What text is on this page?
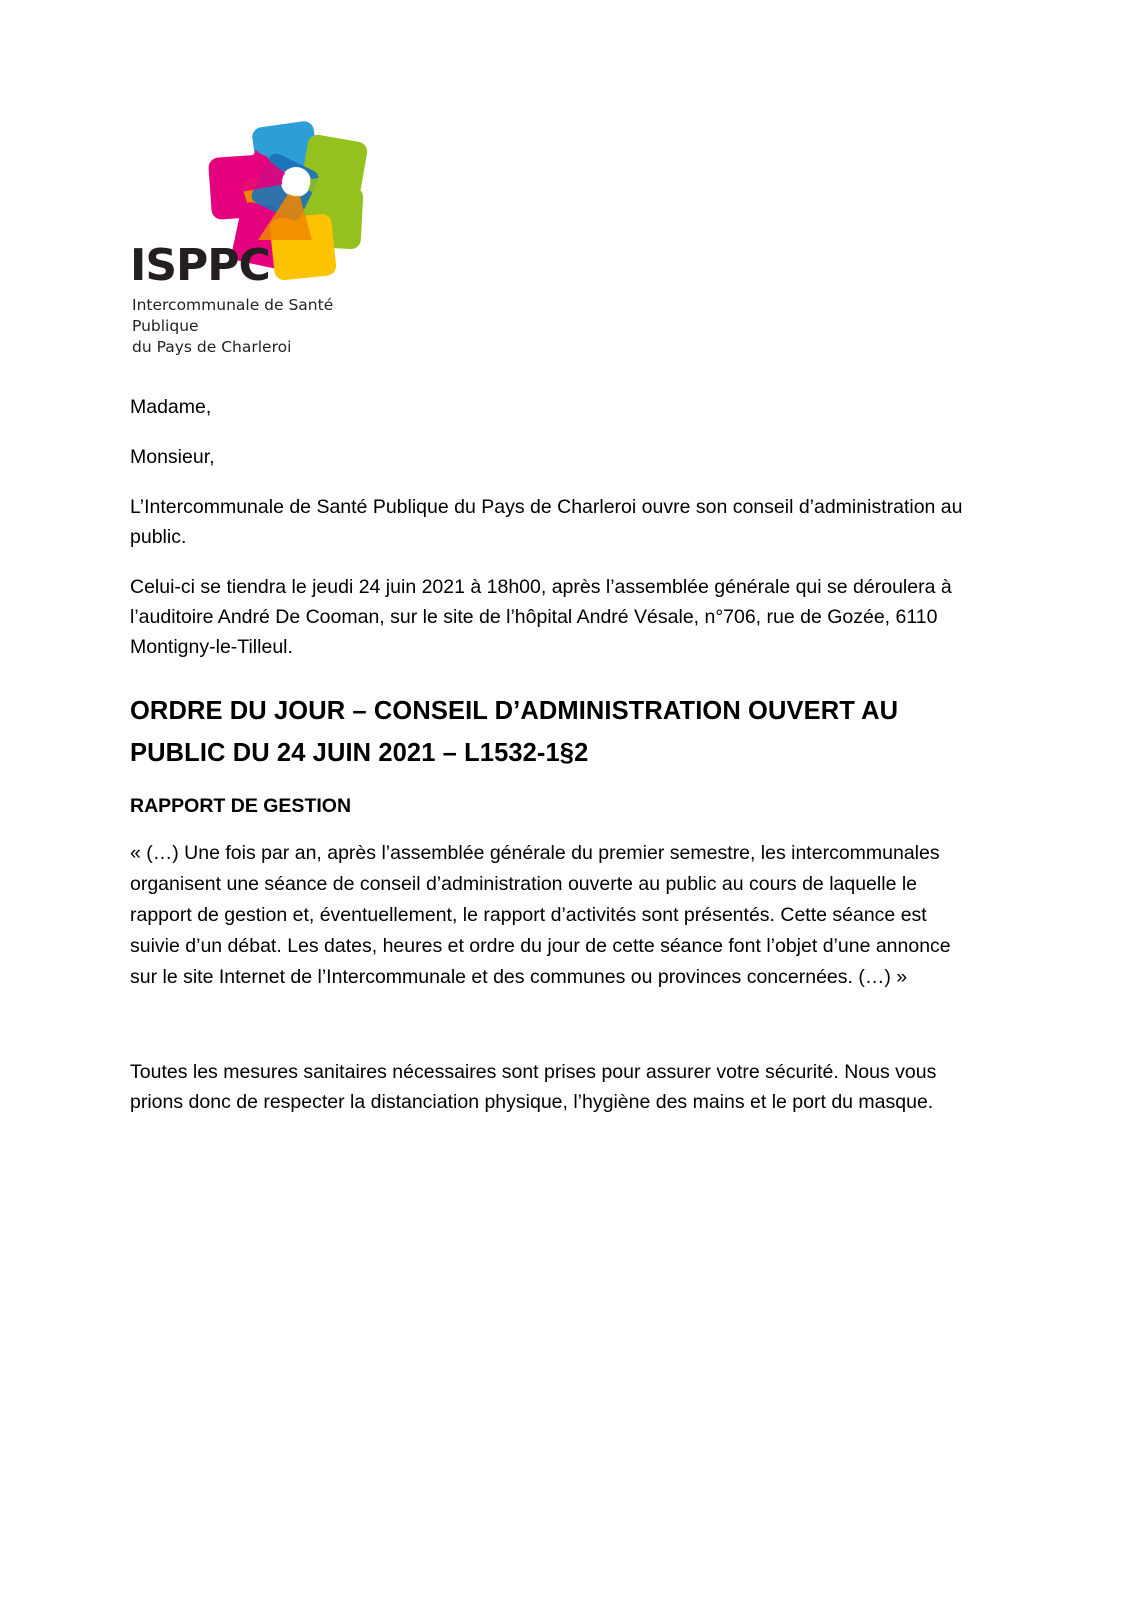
ISPPC
Intercommunale de Santé Publique
du Pays de Charleroi

Madame,

Monsieur,

L’Intercommunale de Santé Publique du Pays de Charleroi ouvre son conseil d’administration au public.

Celui-ci se tiendra le jeudi 24 juin 2021 à 18h00, après l’assemblée générale qui se déroulera à l’auditoire André De Cooman, sur le site de l’hôpital André Vésale, n°706, rue de Gozée, 6110 Montigny-le-Tilleul.

ORDRE DU JOUR – CONSEIL D’ADMINISTRATION OUVERT AU PUBLIC DU 24 JUIN 2021 – L1532-1§2
RAPPORT DE GESTION

« (…) Une fois par an, après l’assemblée générale du premier semestre, les intercommunales organisent une séance de conseil d’administration ouverte au public au cours de laquelle le rapport de gestion et, éventuellement, le rapport d’activités sont présentés. Cette séance est suivie d’un débat. Les dates, heures et ordre du jour de cette séance font l’objet d’une annonce sur le site Internet de l’Intercommunale et des communes ou provinces concernées. (…) »

Toutes les mesures sanitaires nécessaires sont prises pour assurer votre sécurité. Nous vous prions donc de respecter la distanciation physique, l’hygiène des mains et le port du masque.
